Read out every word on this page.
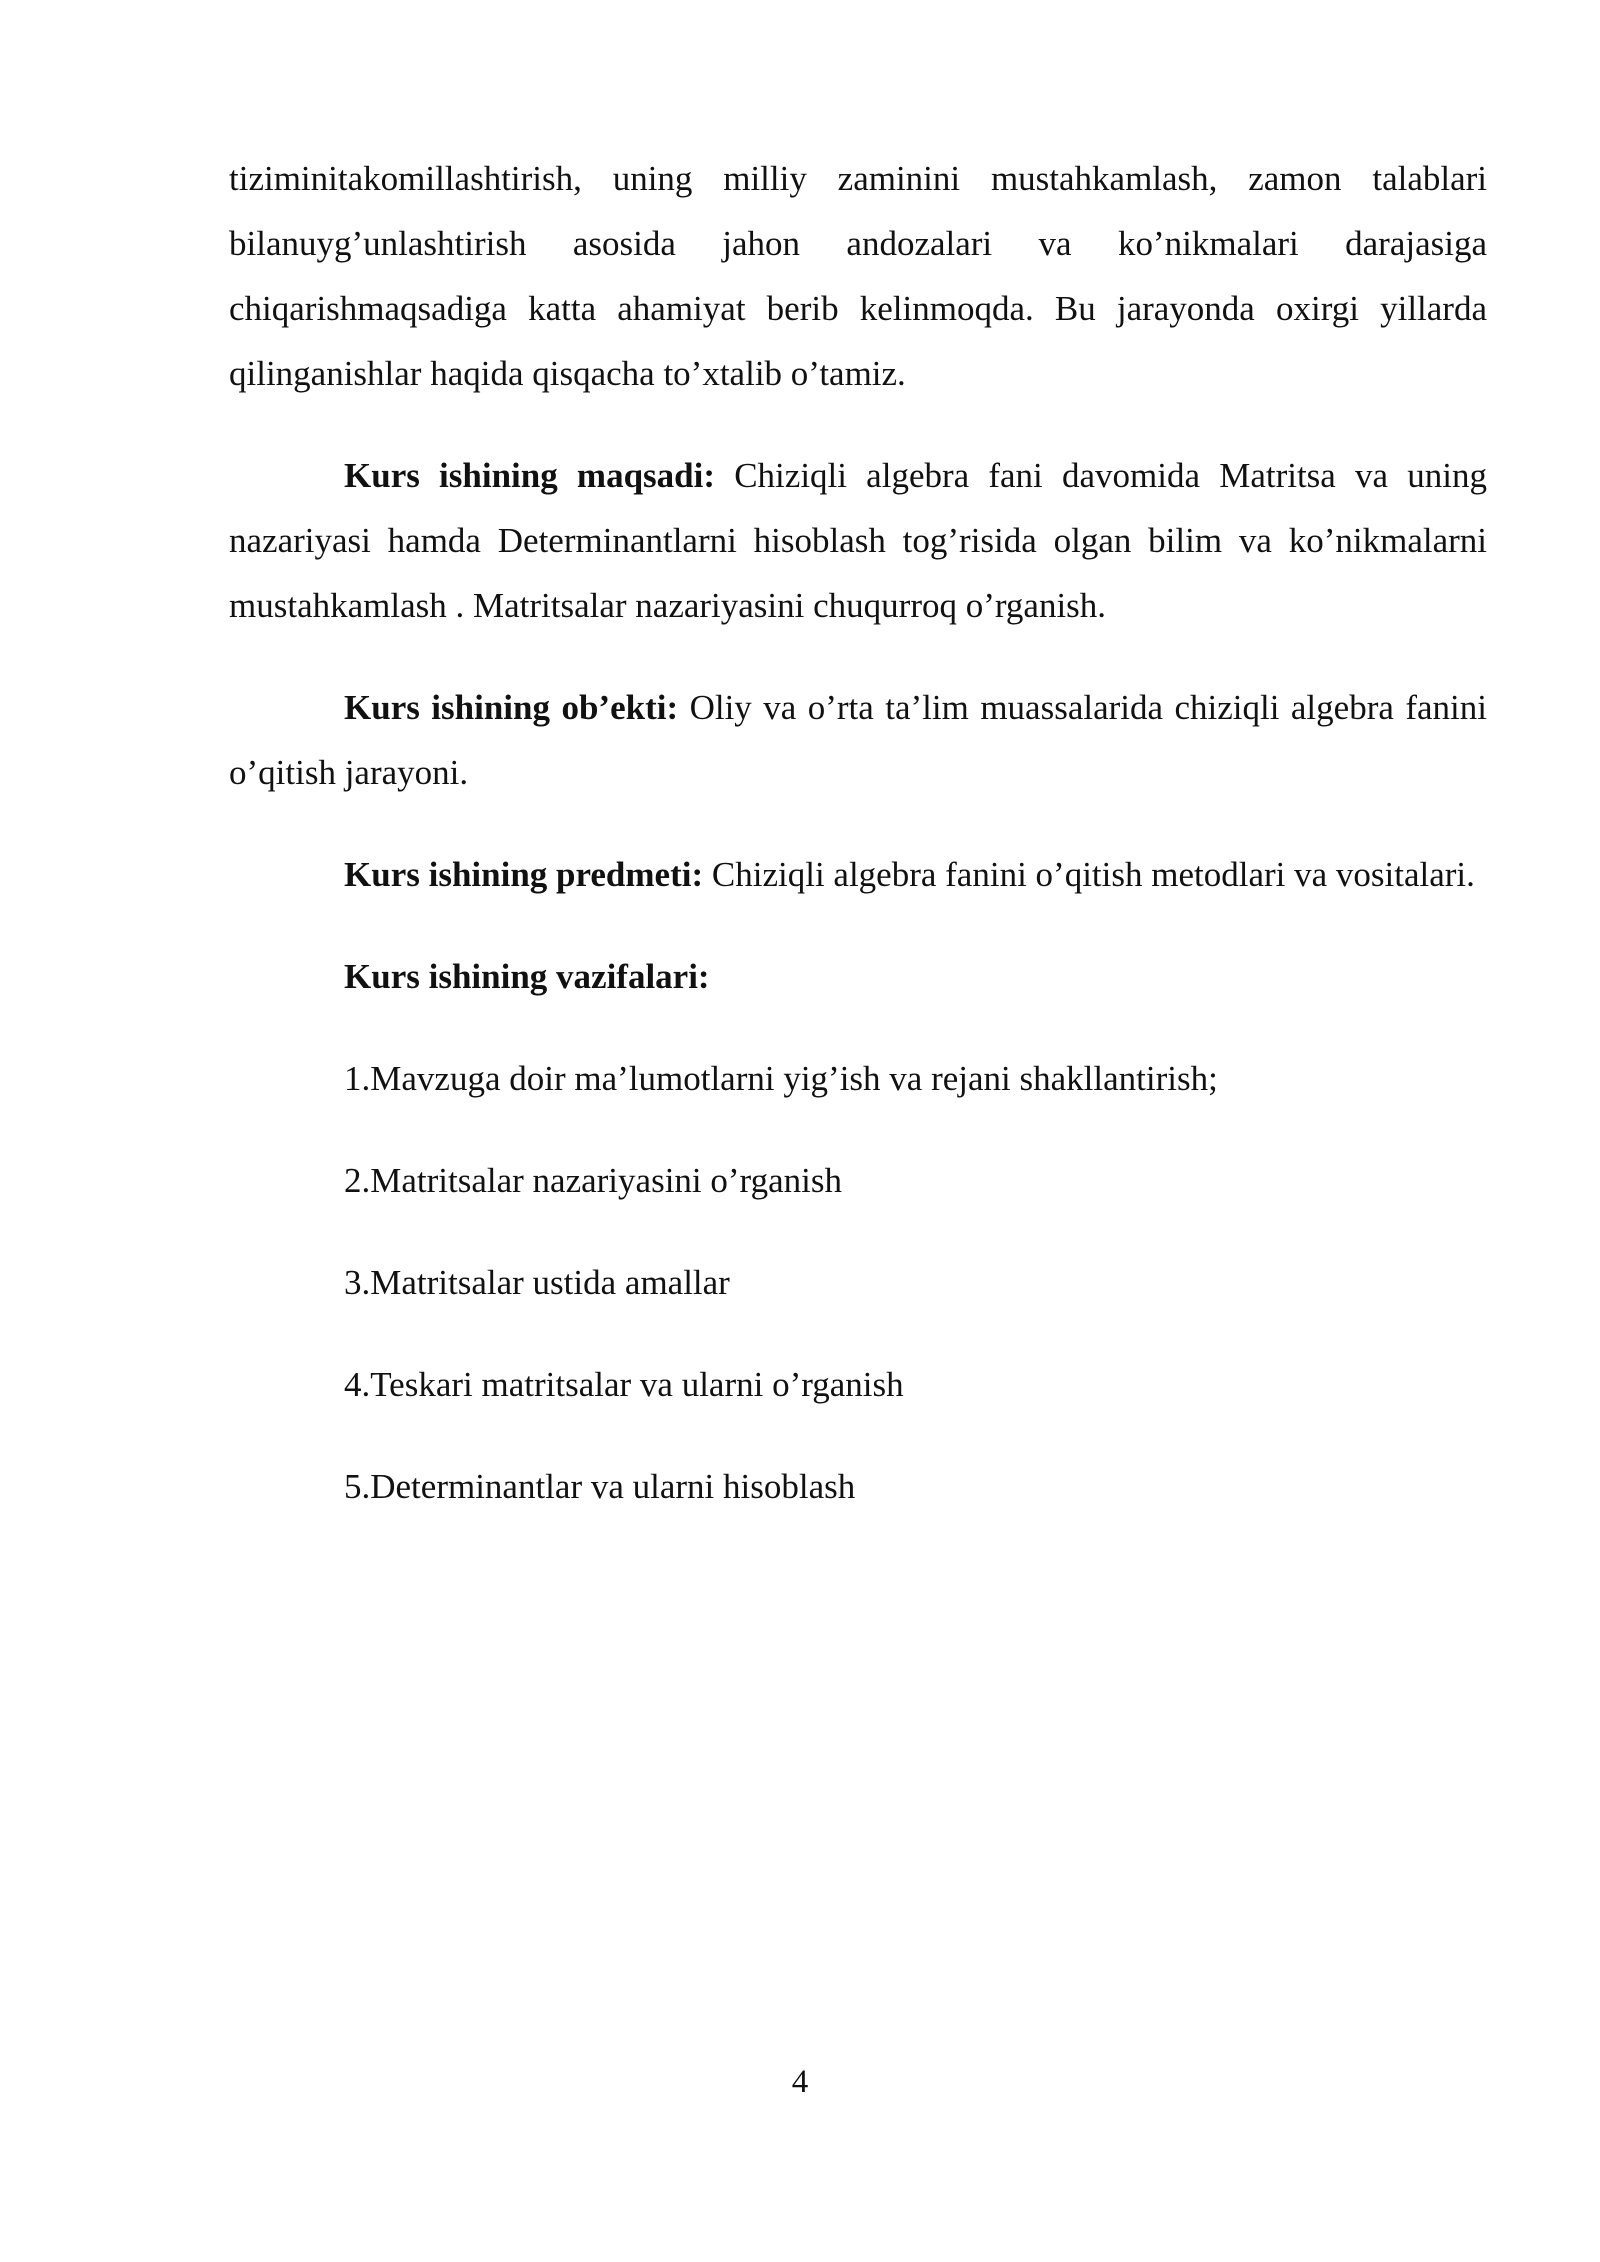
tiziminitakomillashtirish, uning milliy zaminini mustahkamlash, zamon talablari bilanuyg’unlashtirish asosida jahon andozalari va ko’nikmalari darajasiga chiqarishmaqsadiga katta ahamiyat berib kelinmoqda. Bu jarayonda oxirgi yillarda qilinganishlar haqida qisqacha to’xtalib o’tamiz.

Kurs ishining maqsadi: Chiziqli algebra fani davomida Matritsa va uning nazariyasi hamda Determinantlarni hisoblash tog’risida olgan bilim va ko’nikmalarni mustahkamlash . Matritsalar nazariyasini chuqurroq o’rganish.

Kurs ishining ob’ekti: Oliy va o’rta ta’lim muassalarida chiziqli algebra fanini o’qitish jarayoni.

Kurs ishining predmeti: Chiziqli algebra fanini o’qitish metodlari va vositalari.

Kurs ishining vazifalari:

1.Mavzuga doir ma’lumotlarni yig’ish va rejani shakllantirish;

2.Matritsalar nazariyasini o’rganish

3.Matritsalar ustida amallar

4.Teskari matritsalar va ularni o’rganish

5.Determinantlar va ularni hisoblash

4
